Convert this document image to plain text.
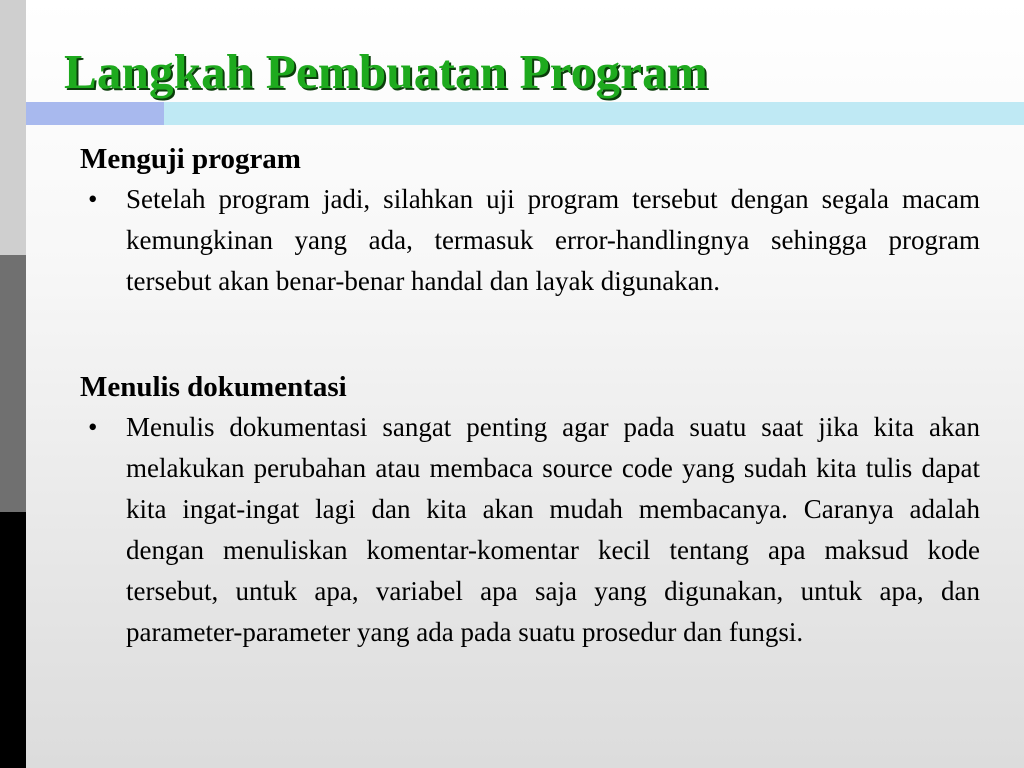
Langkah Pembuatan Program
Menguji program
• Setelah program jadi, silahkan uji program tersebut dengan segala macam kemungkinan yang ada, termasuk error-handlingnya sehingga program tersebut akan benar-benar handal dan layak digunakan.
Menulis dokumentasi
• Menulis dokumentasi sangat penting agar pada suatu saat jika kita akan melakukan perubahan atau membaca source code yang sudah kita tulis dapat kita ingat-ingat lagi dan kita akan mudah membacanya. Caranya adalah dengan menuliskan komentar-komentar kecil tentang apa maksud kode tersebut, untuk apa, variabel apa saja yang digunakan, untuk apa, dan parameter-parameter yang ada pada suatu prosedur dan fungsi.
